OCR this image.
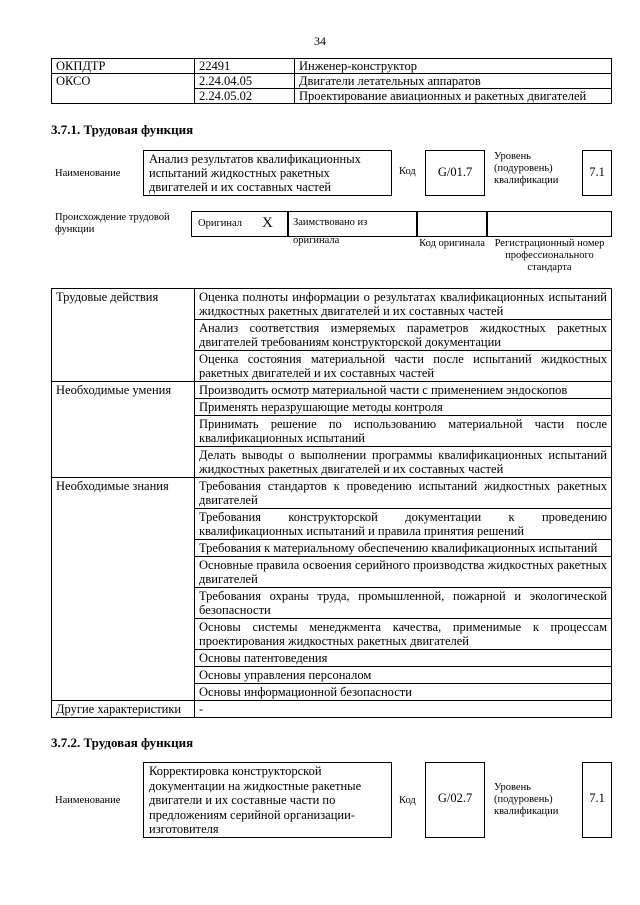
34
ОКПДТР	22491	Инженер-конструктор
ОКСО	2.24.04.05	Двигатели летательных аппаратов
	2.24.05.02	Проектирование авиационных и ракетных двигателей
3.7.1. Трудовая функция
Наименование
Анализ результатов квалификационных испытаний жидкостных ракетных двигателей и их составных частей
Код	G/01.7
Уровень (подуровень) квалификации
7.1
Происхождение трудовой функции
Оригинал X	Заимствовано из оригинала	Код оригинала Регистрационный номер профессионального стандарта
Трудовые действия	Оценка полноты информации о результатах квалификационных испытаний жидкостных ракетных двигателей и их составных частей
	Анализ соответствия измеряемых параметров жидкостных ракетных двигателей требованиям конструкторской документации
	Оценка состояния материальной части после испытаний жидкостных ракетных двигателей и их составных частей
Необходимые умения	Производить осмотр материальной части с применением эндоскопов
	Применять неразрушающие методы контроля
	Принимать решение по использованию материальной части после квалификационных испытаний
	Делать выводы о выполнении программы квалификационных испытаний жидкостных ракетных двигателей и их составных частей
Необходимые знания	Требования стандартов к проведению испытаний жидкостных ракетных двигателей
	Требования конструкторской документации к проведению квалификационных испытаний и правила принятия решений
	Требования к материальному обеспечению квалификационных испытаний
	Основные правила освоения серийного производства жидкостных ракетных двигателей
	Требования охраны труда, промышленной, пожарной и экологической безопасности
	Основы системы менеджмента качества, применимые к процессам проектирования жидкостных ракетных двигателей
	Основы патентоведения
	Основы управления персоналом
	Основы информационной безопасности
Другие характеристики	-
3.7.2. Трудовая функция
Наименование
Корректировка конструкторской документации на жидкостные ракетные двигатели и их составные части по предложениям серийной организации-изготовителя
Код	G/02.7
Уровень (подуровень) квалификации
7.1
